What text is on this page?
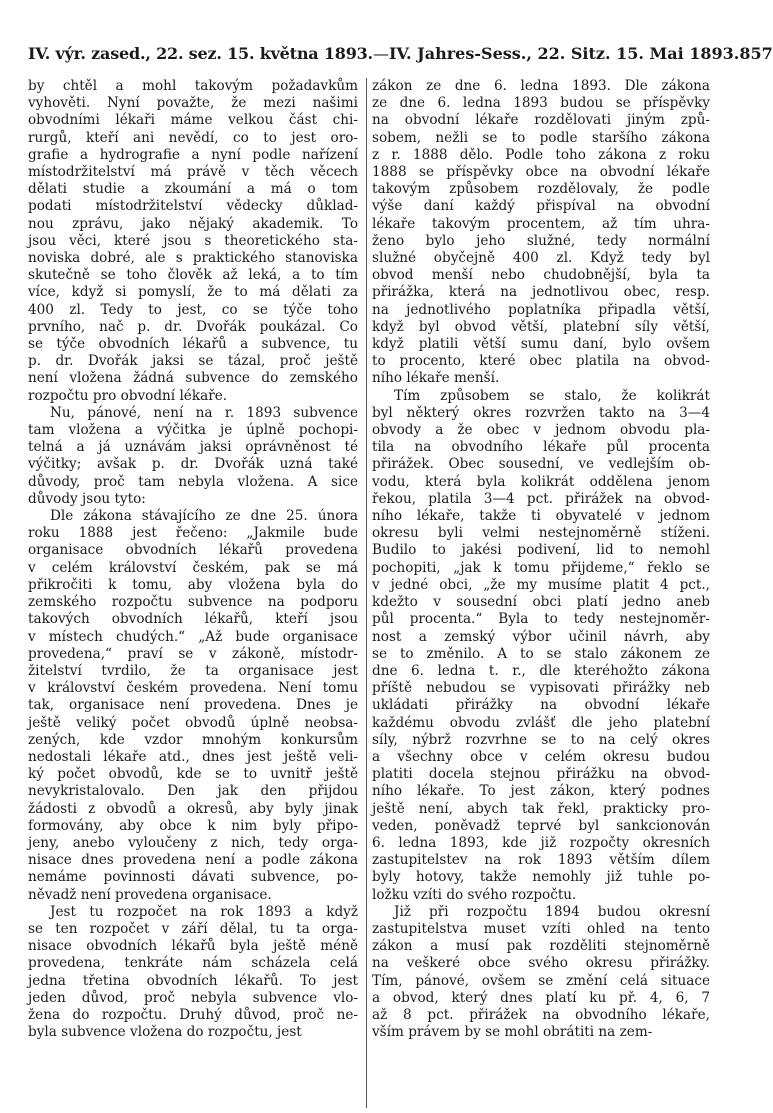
IV. výr. zased., 22. sez. 15. května 1893. — IV. Jahres-Sess., 22. Sitz. 15. Mai 1893. 857

by chtěl a mohl takovým požadavkům
vyhověti. Nyní považte, že mezi našimi
obvodními lékaři máme velkou část chi-
rurgů, kteří ani nevědí, co to jest oro-
grafie a hydrografie a nyní podle nařízení
místodržitelství má právě v těch věcech
dělati studie a zkoumání a má o tom
podati místodržitelství vědecky důklad-
nou zprávu, jako nějaký akademik. To
jsou věci, které jsou s theoretického sta-
noviska dobré, ale s praktického stanoviska
skutečně se toho člověk až leká, a to tím
více, když si pomyslí, že to má dělati za
400 zl. Tedy to jest, co se týče toho
prvního, nač p. dr. Dvořák poukázal. Co
se týče obvodních lékařů a subvence, tu
p. dr. Dvořák jaksi se tázal, proč ještě
není vložena žádná subvence do zemského
rozpočtu pro obvodní lékaře.

Nu, pánové, není na r. 1893 subvence
tam vložena a výčitka je úplně pochopi-
telná a já uznávám jaksi oprávněnost té
výčitky; avšak p. dr. Dvořák uzná také
důvody, proč tam nebyla vložena. A sice
důvody jsou tyto:

Dle zákona stávajícího ze dne 25. února
roku 1888 jest řečeno: „Jakmile bude
organisace obvodních lékařů provedena
v celém království českém, pak se má
přikročiti k tomu, aby vložena byla do
zemského rozpočtu subvence na podporu
takových obvodních lékařů, kteří jsou
v místech chudých.“ „Až bude organisace
provedena,“ praví se v zákoně, místodr-
žitelství tvrdilo, že ta organisace jest
v království českém provedena. Není tomu
tak, organisace není provedena. Dnes je
ještě veliký počet obvodů úplně neobsa-
zených, kde vzdor mnohým konkursům
nedostali lékaře atd., dnes jest ještě veli-
ký počet obvodů, kde se to uvnitř ještě
nevykristalovalo. Den jak den přijdou
žádosti z obvodů a okresů, aby byly jinak
formovány, aby obce k nim byly připo-
jeny, anebo vyloučeny z nich, tedy orga-
nisace dnes provedena není a podle zákona
nemáme povinnosti dávati subvence, po-
něvadž není provedena organisace.

Jest tu rozpočet na rok 1893 a když
se ten rozpočet v září dělal, tu ta orga-
nisace obvodních lékařů byla ještě méně
provedena, tenkráte nám scházela celá
jedna třetina obvodních lékařů. To jest
jeden důvod, proč nebyla subvence vlo-
žena do rozpočtu. Druhý důvod, proč ne-
byla subvence vložena do rozpočtu, jest

zákon ze dne 6. ledna 1893. Dle zákona
ze dne 6. ledna 1893 budou se příspěvky
na obvodní lékaře rozdělovati jiným způ-
sobem, nežli se to podle staršího zákona
z r. 1888 dělo. Podle toho zákona z roku
1888 se příspěvky obce na obvodní lékaře
takovým způsobem rozdělovaly, že podle
výše daní každý přispíval na obvodní
lékaře takovým procentem, až tím uhra-
ženo bylo jeho služné, tedy normální
služné obyčejně 400 zl. Když tedy byl
obvod menší nebo chudobnější, byla ta
přirážka, která na jednotlivou obec, resp.
na jednotlivého poplatníka připadla větší,
když byl obvod větší, platební síly větší,
když platili větší sumu daní, bylo ovšem
to procento, které obec platila na obvod-
ního lékaře menší.

Tím způsobem se stalo, že kolikrát
byl některý okres rozvržen takto na 3—4
obvody a že obec v jednom obvodu pla-
tila na obvodního lékaře půl procenta
přirážek. Obec sousední, ve vedlejším ob-
vodu, která byla kolikrát oddělena jenom
řekou, platila 3—4 pct. přirážek na obvod-
ního lékaře, takže ti obyvatelé v jednom
okresu byli velmi nestejnoměrně stíženi.
Budilo to jakési podivení, lid to nemohl
pochopiti, „jak k tomu přijdeme,“ řeklo se
v jedné obci, „že my musíme platit 4 pct.,
kdežto v sousední obci platí jedno aneb
půl procenta.“ Byla to tedy nestejnoměr-
nost a zemský výbor učinil návrh, aby
se to změnilo. A to se stalo zákonem ze
dne 6. ledna t. r., dle kteréhožto zákona
příště nebudou se vypisovati přirážky neb
ukládati přirážky na obvodní lékaře
každému obvodu zvlášť dle jeho platební
síly, nýbrž rozvrhne se to na celý okres
a všechny obce v celém okresu budou
platiti docela stejnou přirážku na obvod-
ního lékaře. To jest zákon, který podnes
ještě není, abych tak řekl, prakticky pro-
veden, poněvadž teprvé byl sankcionován
6. ledna 1893, kde již rozpočty okresních
zastupitelstev na rok 1893 větším dílem
byly hotovy, takže nemohly již tuhle po-
ložku vzíti do svého rozpočtu.

Již při rozpočtu 1894 budou okresní
zastupitelstva muset vzíti ohled na tento
zákon a musí pak rozděliti stejnoměrně
na veškeré obce svého okresu přirážky.
Tím, pánové, ovšem se změní celá situace
a obvod, který dnes platí ku př. 4, 6, 7
až 8 pct. přirážek na obvodního lékaře,
vším právem by se mohl obrátiti na zem-
